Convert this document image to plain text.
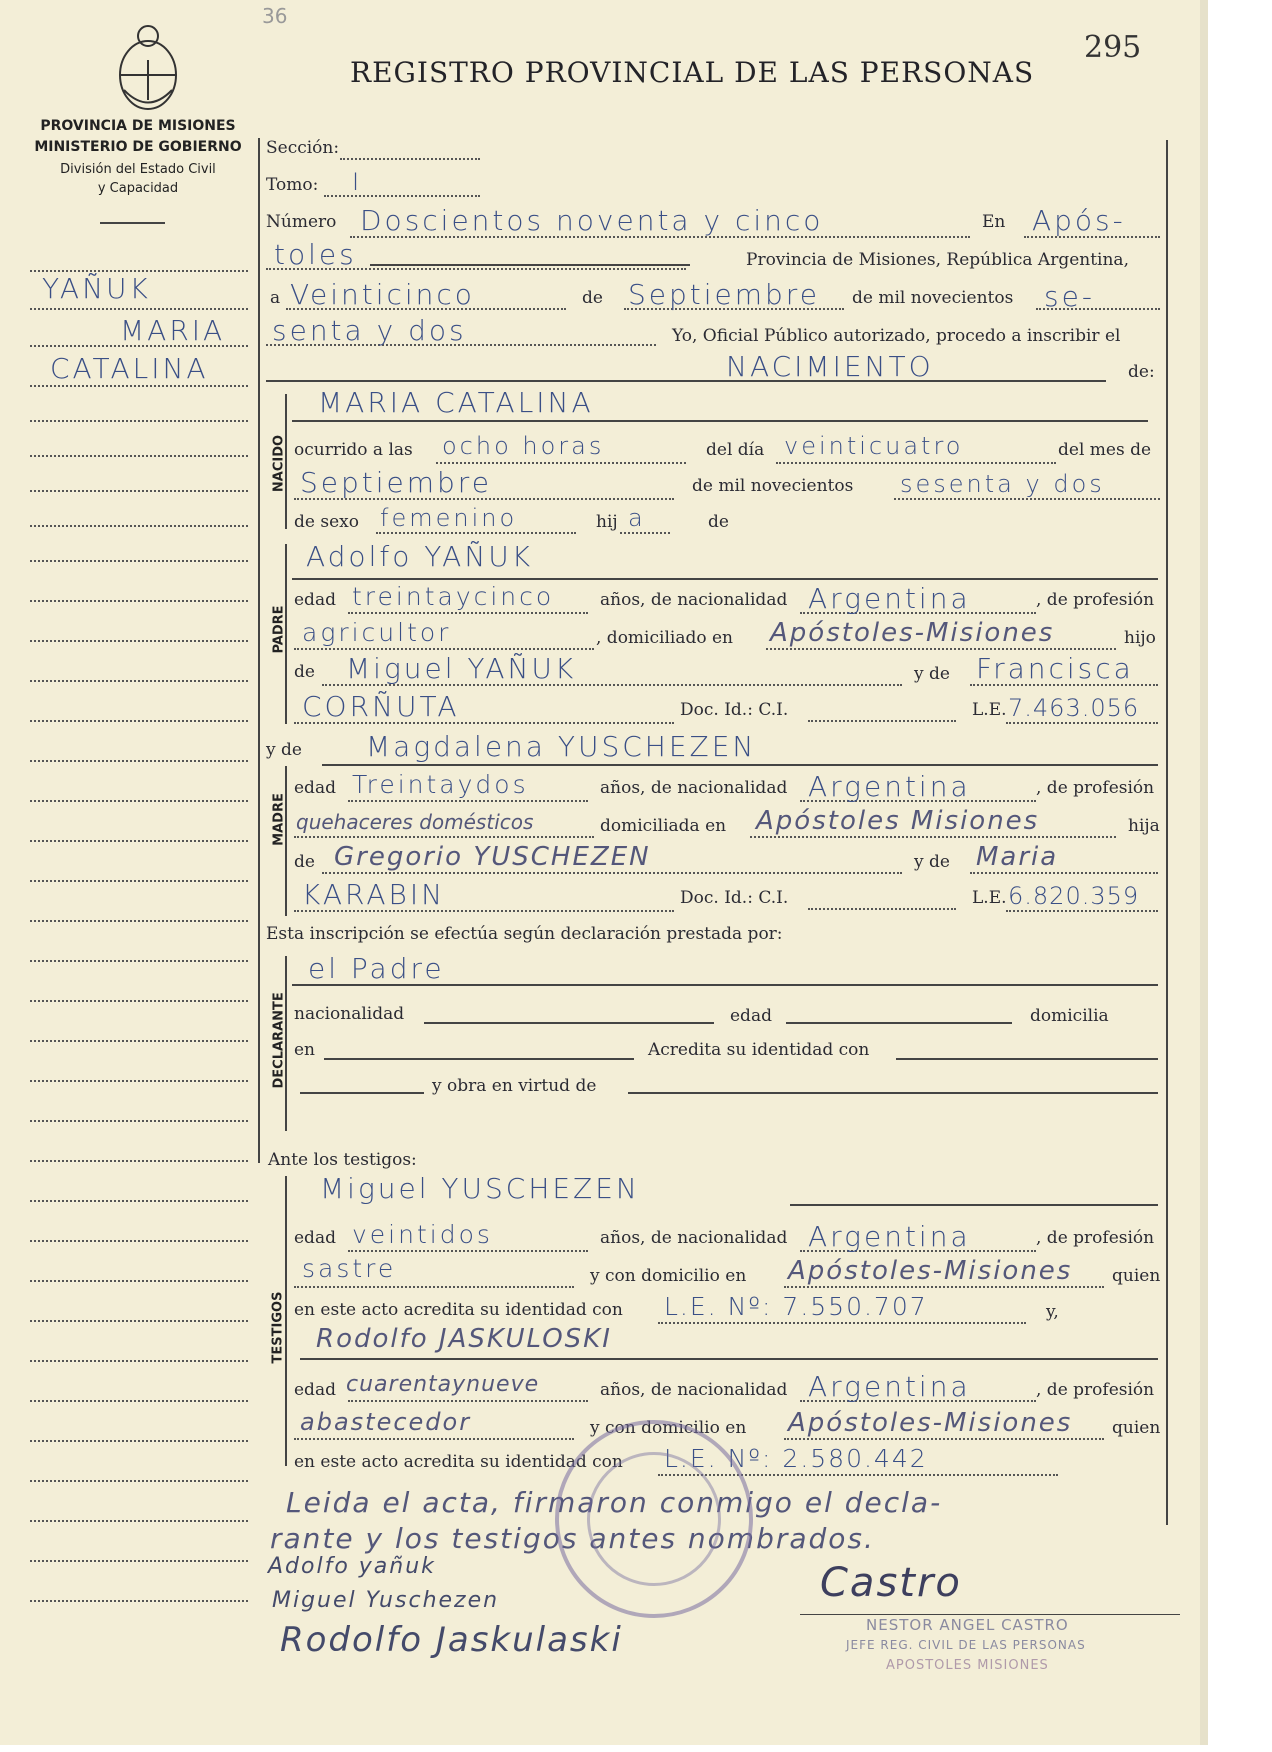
PROVINCIA DE MISIONES
MINISTERIO DE GOBIERNO
División del Estado Civil
y Capacidad
REGISTRO PROVINCIAL DE LAS PERSONAS
295
36
YAÑUK
MARIA
CATALINA
Sección:
Tomo: I
Número Doscientos noventa y cinco	En Após-
toles	Provincia de Misiones, República Argentina,
a Veinticinco	de Septiembre de mil novecientos se-
senta y dos	Yo, Oficial Público autorizado, procedo a inscribir el
NACIMIENTO	de:
NACIDO
MARIA CATALINA
ocurrido a las ocho horas	del día veinticuatro	del mes de
Septiembre	de mil novecientos sesenta y dos
de sexo femenino	hij a	de
PADRE
Adolfo YAÑUK
edad treintaycinco	años, de nacionalidad Argentina	, de profesión
agricultor	, domiciliado en Apóstoles-Misiones	hijo
de Miguel YAÑUK	y de Francisca
CORÑUTA	Doc. Id.: C.I.	L.E. 7.463.056
y de
MADRE
Magdalena YUSCHEZEN
edad Treintaydos	años, de nacionalidad Argentina	, de profesión
quehaceres domésticos	domiciliada en Apóstoles Misiones	hija
de Gregorio YUSCHEZEN	y de Maria
KARABIN	Doc. Id.: C.I.	L.E. 6.820.359
Esta inscripción se efectúa según declaración prestada por:
DECLARANTE
el Padre
nacionalidad	edad	domicilia
en	Acredita su identidad con
y obra en virtud de
Ante los testigos:
TESTIGOS
Miguel YUSCHEZEN
edad veintidos	años, de nacionalidad Argentina	, de profesión
sastre	y con domicilio en Apóstoles-Misiones quien
en este acto acredita su identidad con L.E. Nº: 7.550.707	y,
Rodolfo JASKULOSKI
edad cuarentaynueve	años, de nacionalidad Argentina	, de profesión
abastecedor	y con domicilio en Apóstoles-Misiones quien
en este acto acredita su identidad con L.E. Nº: 2.580.442
Leida el acta, firmaron conmigo el decla-
rante y los testigos antes nombrados.
Adolfo yañuk
Miguel Yuschezen
Rodolfo Jaskulaski
Castro
NESTOR ANGEL CASTRO
JEFE REG. CIVIL DE LAS PERSONAS
APOSTOLES MISIONES
